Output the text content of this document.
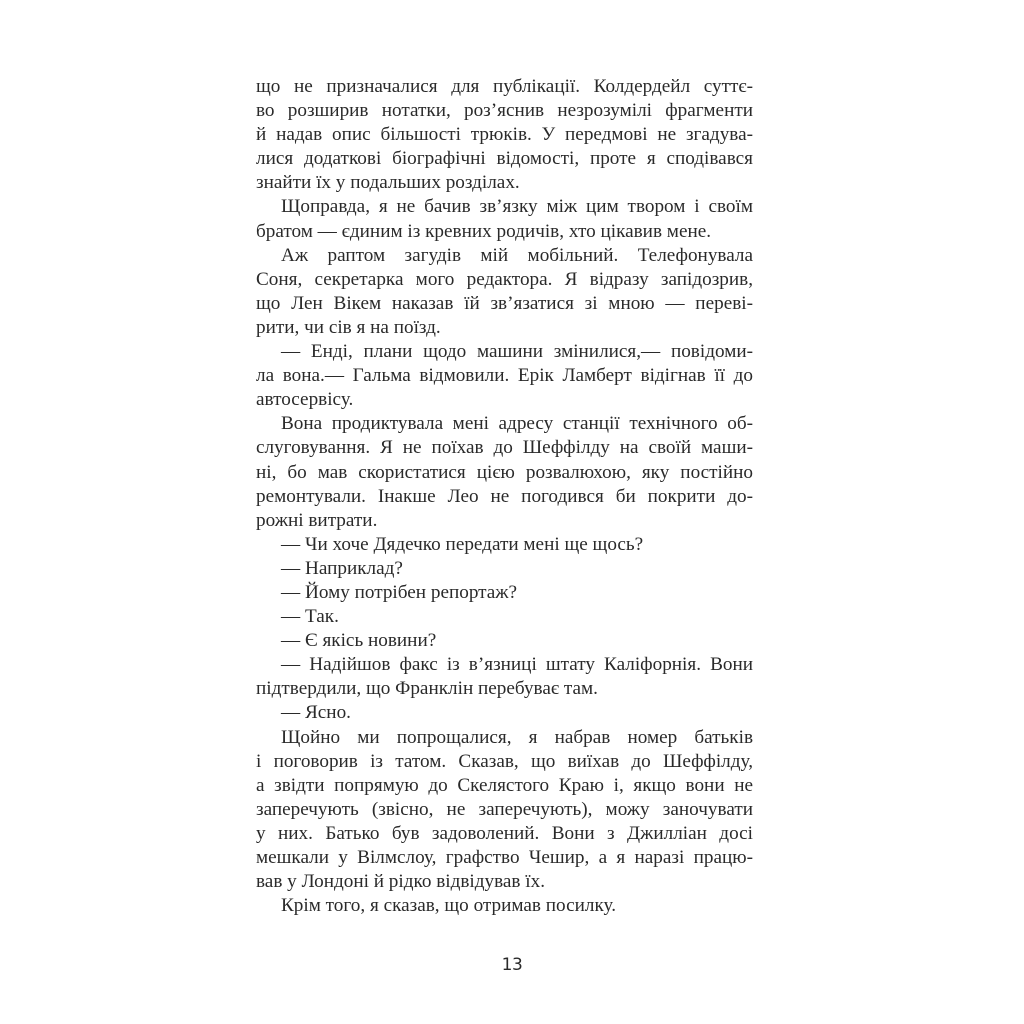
що не призначалися для публікації. Колдердейл суттє-
во розширив нотатки, роз’яснив незрозумілі фрагменти
й надав опис більшості трюків. У передмові не згадува-
лися додаткові біографічні відомості, проте я сподівався
знайти їх у подальших розділах.
Щоправда, я не бачив зв’язку між цим твором і своїм
братом — єдиним із кревних родичів, хто цікавив мене.
Аж раптом загудів мій мобільний. Телефонувала
Соня, секретарка мого редактора. Я відразу запідозрив,
що Лен Вікем наказав їй зв’язатися зі мною — переві-
рити, чи сів я на поїзд.
— Енді, плани щодо машини змінилися,— повідоми-
ла вона.— Гальма відмовили. Ерік Ламберт відігнав її до
автосервісу.
Вона продиктувала мені адресу станції технічного об-
слуговування. Я не поїхав до Шеффілду на своїй маши-
ні, бо мав скористатися цією розвалюхою, яку постійно
ремонтували. Інакше Лео не погодився би покрити до-
рожні витрати.
— Чи хоче Дядечко передати мені ще щось?
— Наприклад?
— Йому потрібен репортаж?
— Так.
— Є якісь новини?
— Надійшов факс із в’язниці штату Каліфорнія. Вони
підтвердили, що Франклін перебуває там.
— Ясно.
Щойно ми попрощалися, я набрав номер батьків
і поговорив із татом. Сказав, що виїхав до Шеффілду,
а звідти попрямую до Скелястого Краю і, якщо вони не
заперечують (звісно, не заперечують), можу заночувати
у них. Батько був задоволений. Вони з Джилліан досі
мешкали у Вілмслоу, графство Чешир, а я наразі працю-
вав у Лондоні й рідко відвідував їх.
Крім того, я сказав, що отримав посилку.
13
